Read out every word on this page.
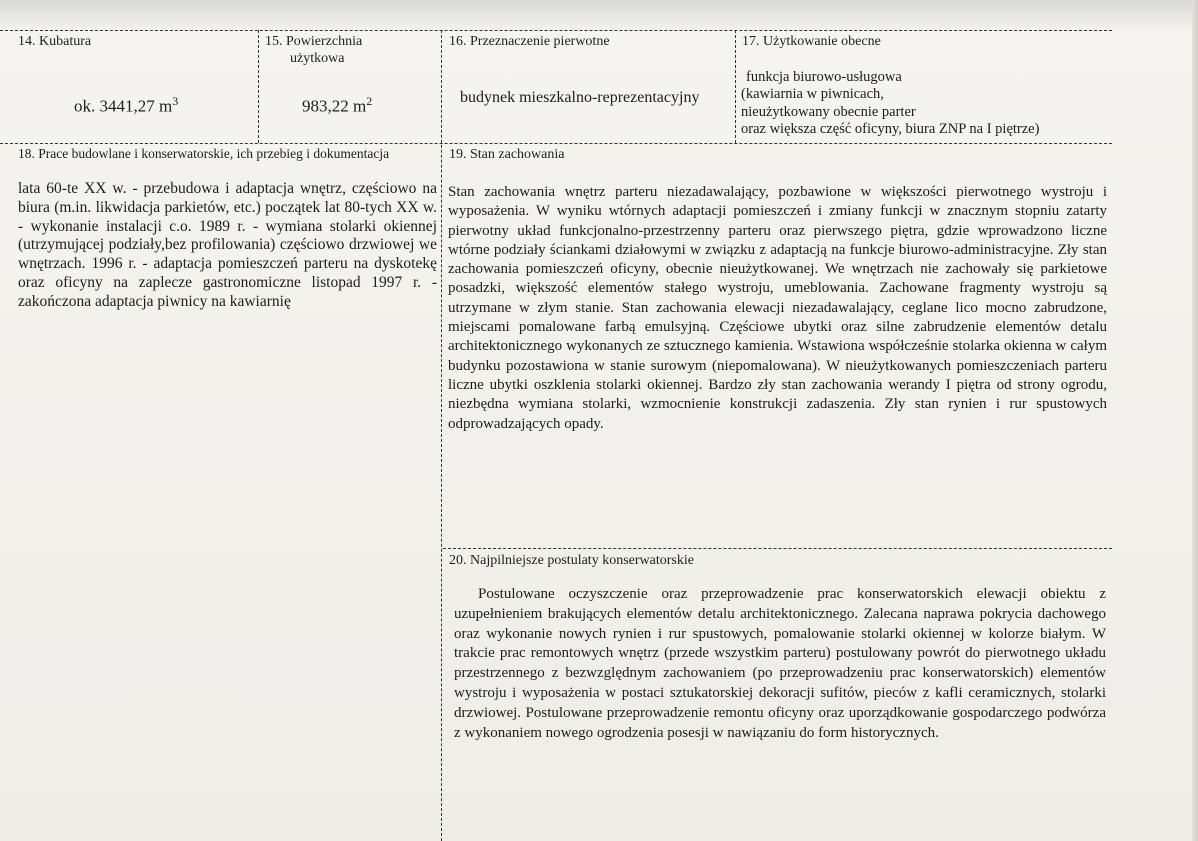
14. Kubatura
ok. 3441,27 $m^3$
15. Powierzchnia
użytkowa
983,22 $m^2$
16. Przeznaczenie pierwotne
budynek mieszkalno-reprezentacyjny
17. Użytkowanie obecne
funkcja biurowo-usługowa
(kawiarnia w piwnicach,
nieużytkowany obecnie parter
oraz większa część oficyny, biura ZNP na I piętrze)
18. Prace budowlane i konserwatorskie, ich przebieg i dokumentacja
lata 60-te XX w. - przebudowa i adaptacja wnętrz, częściowo na biura (m.in. likwidacja parkietów, etc.) początek lat 80-tych XX w. - wykonanie instalacji c.o. 1989 r. - wymiana stolarki okiennej (utrzymującej podziały,bez profilowania) częściowo drzwiowej we wnętrzach. 1996 r. - adaptacja pomieszczeń parteru na dyskotekę oraz oficyny na zaplecze gastronomiczne listopad 1997 r. - zakończona adaptacja piwnicy na kawiarnię
19. Stan zachowania
Stan zachowania wnętrz parteru niezadawalający, pozbawione w większości pierwotnego wystroju i wyposażenia. W wyniku wtórnych adaptacji pomieszczeń i zmiany funkcji w znacznym stopniu zatarty pierwotny układ funkcjonalno-przestrzenny parteru oraz pierwszego piętra, gdzie wprowadzono liczne wtórne podziały ściankami działowymi w związku z adaptacją na funkcje biurowo-administracyjne. Zły stan zachowania pomieszczeń oficyny, obecnie nieużytkowanej. We wnętrzach nie zachowały się parkietowe posadzki, większość elementów stałego wystroju, umeblowania. Zachowane fragmenty wystroju są utrzymane w złym stanie. Stan zachowania elewacji niezadawalający, ceglane lico mocno zabrudzone, miejscami pomalowane farbą emulsyjną. Częściowe ubytki oraz silne zabrudzenie elementów detalu architektonicznego wykonanych ze sztucznego kamienia. Wstawiona współcześnie stolarka okienna w całym budynku pozostawiona w stanie surowym (niepomalowana). W nieużytkowanych pomieszczeniach parteru liczne ubytki oszklenia stolarki okiennej. Bardzo zły stan zachowania werandy I piętra od strony ogrodu, niezbędna wymiana stolarki, wzmocnienie konstrukcji zadaszenia. Zły stan rynien i rur spustowych odprowadzających opady.
20. Najpilniejsze postulaty konserwatorskie
Postulowane oczyszczenie oraz przeprowadzenie prac konserwatorskich elewacji obiektu z uzupełnieniem brakujących elementów detalu architektonicznego. Zalecana naprawa pokrycia dachowego oraz wykonanie nowych rynien i rur spustowych, pomalowanie stolarki okiennej w kolorze białym. W trakcie prac remontowych wnętrz (przede wszystkim parteru) postulowany powrót do pierwotnego układu przestrzennego z bezwzględnym zachowaniem (po przeprowadzeniu prac konserwatorskich) elementów wystroju i wyposażenia w postaci sztukatorskiej dekoracji sufitów, pieców z kafli ceramicznych, stolarki drzwiowej. Postulowane przeprowadzenie remontu oficyny oraz uporządkowanie gospodarczego podwórza z wykonaniem nowego ogrodzenia posesji w nawiązaniu do form historycznych.
